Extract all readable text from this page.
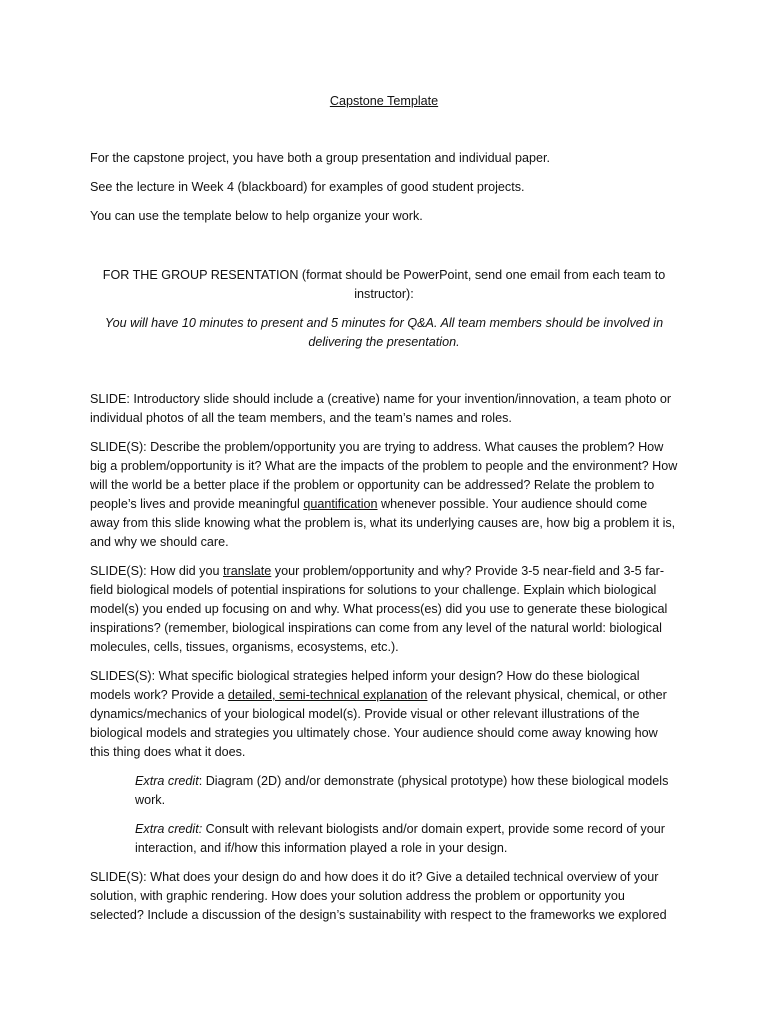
Capstone Template

For the capstone project, you have both a group presentation and individual paper.

See the lecture in Week 4 (blackboard) for examples of good student projects.

You can use the template below to help organize your work.

FOR THE GROUP RESENTATION (format should be PowerPoint, send one email from each team to instructor):

You will have 10 minutes to present and 5 minutes for Q&A. All team members should be involved in delivering the presentation.

SLIDE: Introductory slide should include a (creative) name for your invention/innovation, a team photo or individual photos of all the team members, and the team’s names and roles.

SLIDE(S): Describe the problem/opportunity you are trying to address. What causes the problem? How big a problem/opportunity is it? What are the impacts of the problem to people and the environment? How will the world be a better place if the problem or opportunity can be addressed? Relate the problem to people’s lives and provide meaningful quantification whenever possible. Your audience should come away from this slide knowing what the problem is, what its underlying causes are, how big a problem it is, and why we should care.

SLIDE(S): How did you translate your problem/opportunity and why? Provide 3-5 near-field and 3-5 far-field biological models of potential inspirations for solutions to your challenge. Explain which biological model(s) you ended up focusing on and why. What process(es) did you use to generate these biological inspirations? (remember, biological inspirations can come from any level of the natural world: biological molecules, cells, tissues, organisms, ecosystems, etc.).

SLIDES(S): What specific biological strategies helped inform your design? How do these biological models work? Provide a detailed, semi-technical explanation of the relevant physical, chemical, or other dynamics/mechanics of your biological model(s). Provide visual or other relevant illustrations of the biological models and strategies you ultimately chose. Your audience should come away knowing how this thing does what it does.

Extra credit: Diagram (2D) and/or demonstrate (physical prototype) how these biological models work.

Extra credit: Consult with relevant biologists and/or domain expert, provide some record of your interaction, and if/how this information played a role in your design.

SLIDE(S): What does your design do and how does it do it? Give a detailed technical overview of your solution, with graphic rendering. How does your solution address the problem or opportunity you selected? Include a discussion of the design’s sustainability with respect to the frameworks we explored
